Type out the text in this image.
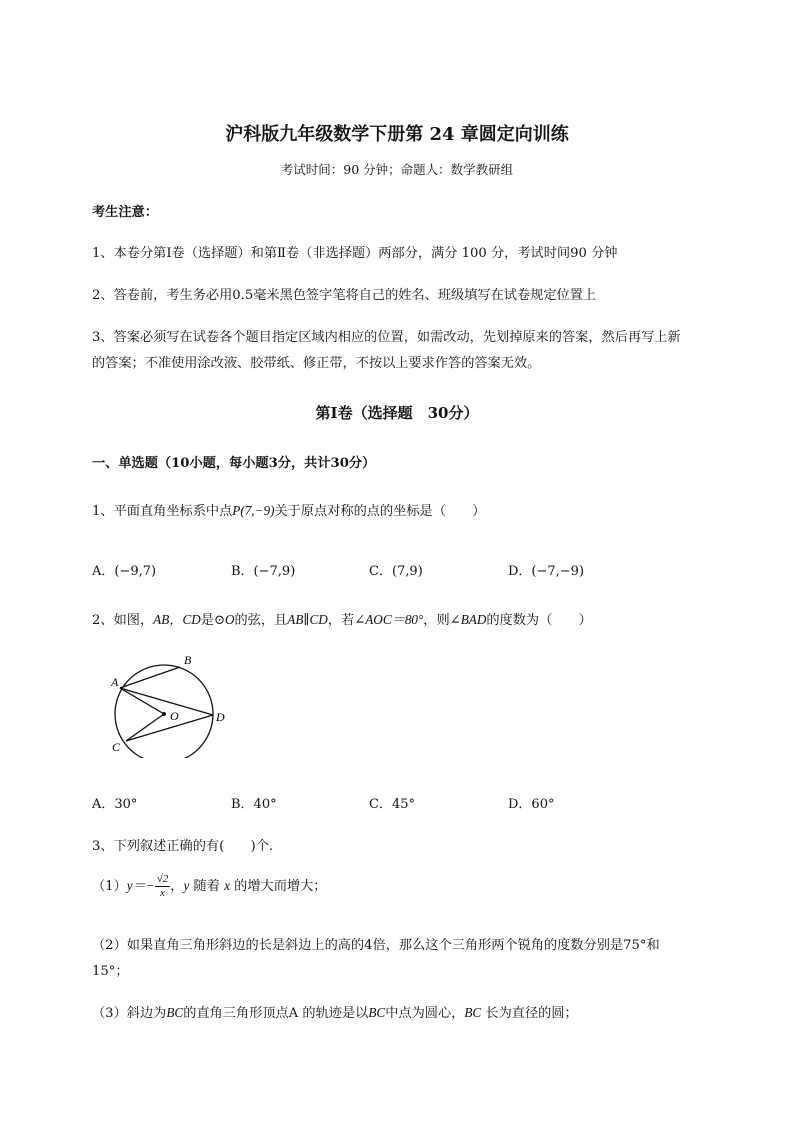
沪科版九年级数学下册第 24 章圆定向训练
考试时间：90 分钟；命题人：数学教研组
考生注意：
1、本卷分第Ⅰ卷（选择题）和第Ⅱ卷（非选择题）两部分，满分 100 分，考试时间90 分钟
2、答卷前，考生务必用0.5毫米黑色签字笔将自己的姓名、班级填写在试卷规定位置上
3、答案必须写在试卷各个题目指定区域内相应的位置，如需改动，先划掉原来的答案，然后再写上新
的答案；不准使用涂改液、胶带纸、修正带，不按以上要求作答的答案无效。
第Ⅰ卷（选择题　30分）
一、单选题（10小题，每小题3分，共计30分）
1、平面直角坐标系中点P(7,−9)关于原点对称的点的坐标是（　　）
A．(−9,7)	B．(−7,9)	C．(7,9)	D．(−7,−9)
2、如图，AB，CD是⊙O的弦，且AB∥CD，若∠AOC＝80°，则∠BAD的度数为（　　）
A
B
C
D
O
A．30°	B．40°	C．45°	D．60°
3、下列叙述正确的有(　　)个.
$(1)y=- \frac{√2}{x}$ ，y 随着 x 的增大而增大；
（2）如果直角三角形斜边的长是斜边上的高的4倍，那么这个三角形两个锐角的度数分别是75°和
15°；
（3）斜边为BC的直角三角形顶点A 的轨迹是以BC中点为圆心，BC 长为直径的圆；
